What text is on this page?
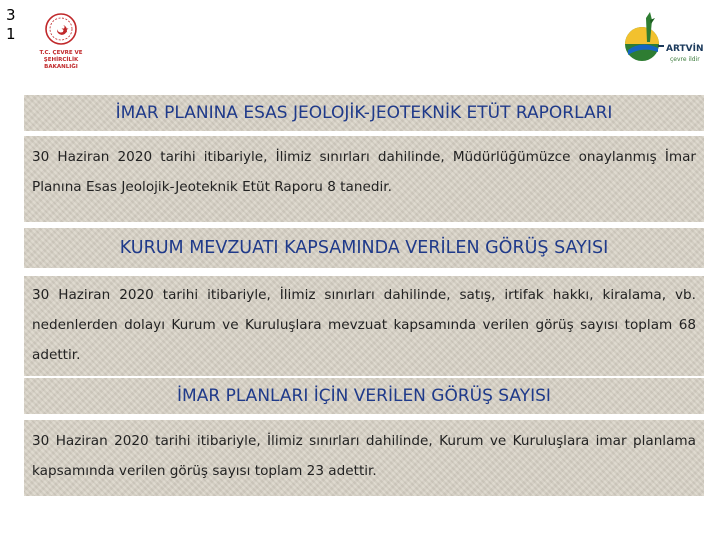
3
1
T.C. ÇEVRE VE
ŞEHİRCİLİK BAKANLIĞI
ARTVİN
çevre ildir
İMAR PLANINA ESAS JEOLOJİK-JEOTEKNİK ETÜT RAPORLARI
30 Haziran 2020 tarihi itibariyle, İlimiz sınırları dahilinde, Müdürlüğümüzce onaylanmış İmar Planına Esas Jeolojik-Jeoteknik Etüt Raporu 8 tanedir.
KURUM MEVZUATI KAPSAMINDA VERİLEN GÖRÜŞ SAYISI
30 Haziran 2020 tarihi itibariyle, İlimiz sınırları dahilinde, satış, irtifak hakkı, kiralama, vb. nedenlerden dolayı Kurum ve Kuruluşlara mevzuat kapsamında verilen görüş sayısı toplam 68 adettir.
İMAR PLANLARI İÇİN VERİLEN GÖRÜŞ SAYISI
30 Haziran 2020 tarihi itibariyle, İlimiz sınırları dahilinde, Kurum ve Kuruluşlara imar planlama kapsamında verilen görüş sayısı toplam 23 adettir.
